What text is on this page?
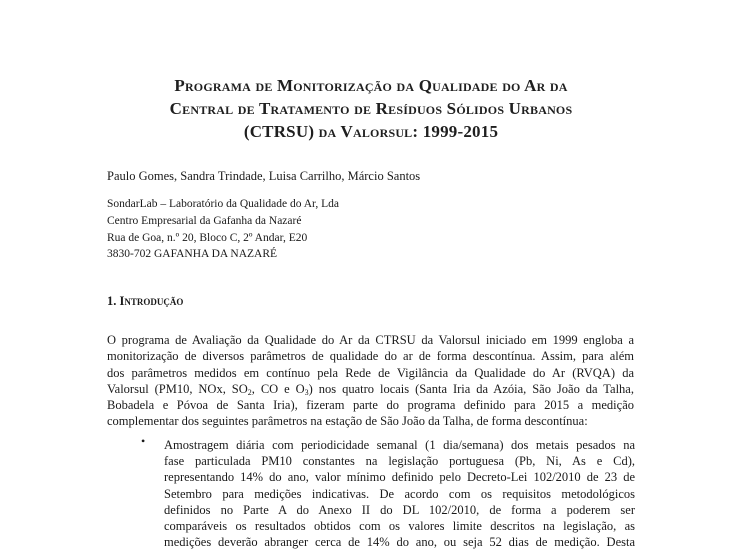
Programa de Monitorização da Qualidade do Ar da
Central de Tratamento de Resíduos Sólidos Urbanos
(CTRSU) da Valorsul: 1999-2015
Paulo Gomes, Sandra Trindade, Luisa Carrilho, Márcio Santos
SondarLab – Laboratório da Qualidade do Ar, Lda
Centro Empresarial da Gafanha da Nazaré
Rua de Goa, n.º 20, Bloco C, 2º Andar, E20
3830-702 GAFANHA DA NAZARÉ
1. Introdução
O programa de Avaliação da Qualidade do Ar da CTRSU da Valorsul iniciado em 1999 engloba a
monitorização de diversos parâmetros de qualidade do ar de forma descontínua. Assim, para além
dos parâmetros medidos em contínuo pela Rede de Vigilância da Qualidade do Ar (RVQA) da
Valorsul (PM10, NOx, $SO_2$, CO e $O_3$) nos quatro locais (Santa Iria da Azóia, São João da Talha,
Bobadela e Póvoa de Santa Iria), fizeram parte do programa definido para 2015 a medição
complementar dos seguintes parâmetros na estação de São João da Talha, de forma descontínua:
• Amostragem diária com periodicidade semanal (1 dia/semana) dos metais pesados na
fase particulada PM10 constantes na legislação portuguesa (Pb, Ni, As e Cd),
representando 14% do ano, valor mínimo definido pelo Decreto-Lei 102/2010 de 23 de
Setembro para medições indicativas. De acordo com os requisitos metodológicos
definidos no Parte A do Anexo II do DL 102/2010, de forma a poderem ser
comparáveis os resultados obtidos com os valores limite descritos na legislação, as
medições deverão abranger cerca de 14% do ano, ou seja 52 dias de medição. Desta
